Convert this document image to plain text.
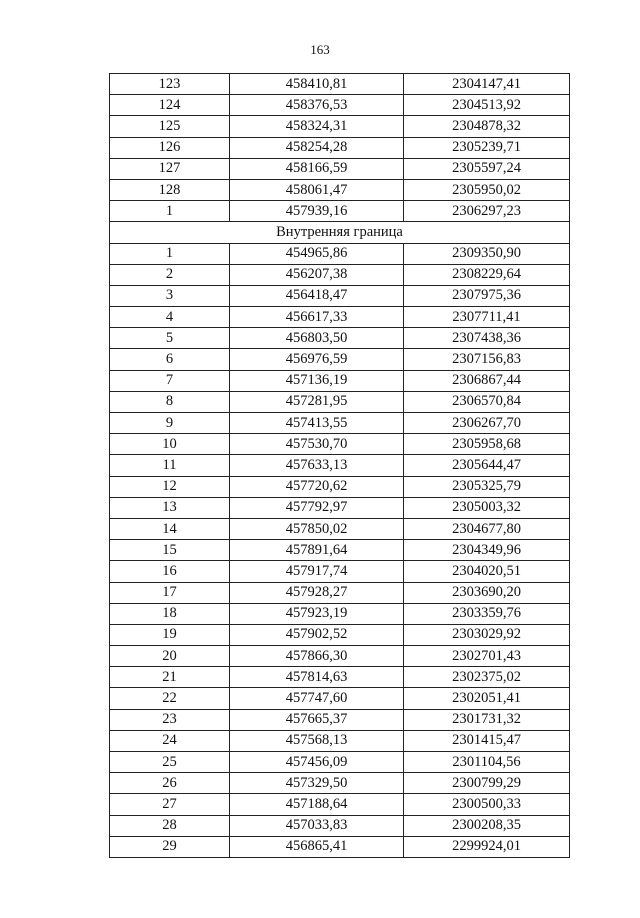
163
123	458410,81	2304147,41
124	458376,53	2304513,92
125	458324,31	2304878,32
126	458254,28	2305239,71
127	458166,59	2305597,24
128	458061,47	2305950,02
1	457939,16	2306297,23
Внутренняя граница		
1	454965,86	2309350,90
2	456207,38	2308229,64
3	456418,47	2307975,36
4	456617,33	2307711,41
5	456803,50	2307438,36
6	456976,59	2307156,83
7	457136,19	2306867,44
8	457281,95	2306570,84
9	457413,55	2306267,70
10	457530,70	2305958,68
11	457633,13	2305644,47
12	457720,62	2305325,79
13	457792,97	2305003,32
14	457850,02	2304677,80
15	457891,64	2304349,96
16	457917,74	2304020,51
17	457928,27	2303690,20
18	457923,19	2303359,76
19	457902,52	2303029,92
20	457866,30	2302701,43
21	457814,63	2302375,02
22	457747,60	2302051,41
23	457665,37	2301731,32
24	457568,13	2301415,47
25	457456,09	2301104,56
26	457329,50	2300799,29
27	457188,64	2300500,33
28	457033,83	2300208,35
29	456865,41	2299924,01
